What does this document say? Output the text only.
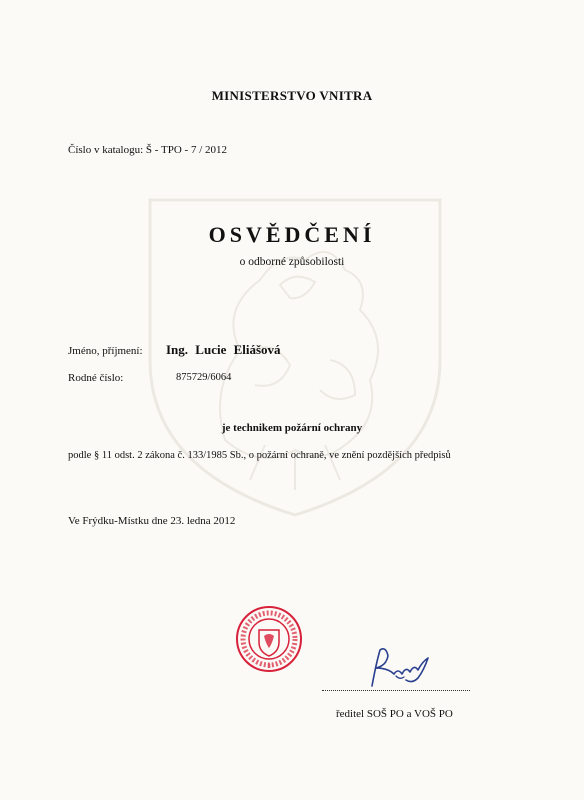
MINISTERSTVO VNITRA
Číslo v katalogu: Š - TPO - 7 / 2012
OSVĚDČENÍ
o odborné způsobilosti
Jméno, příjmení: Ing. Lucie Eliášová
Rodné číslo:	875729/6064
je technikem požární ochrany
podle § 11 odst. 2 zákona č. 133/1985 Sb., o požární ochraně, ve znění pozdějších předpisů
Ve Frýdku-Místku dne 23. ledna 2012
3
ředitel SOŠ PO a VOŠ PO
